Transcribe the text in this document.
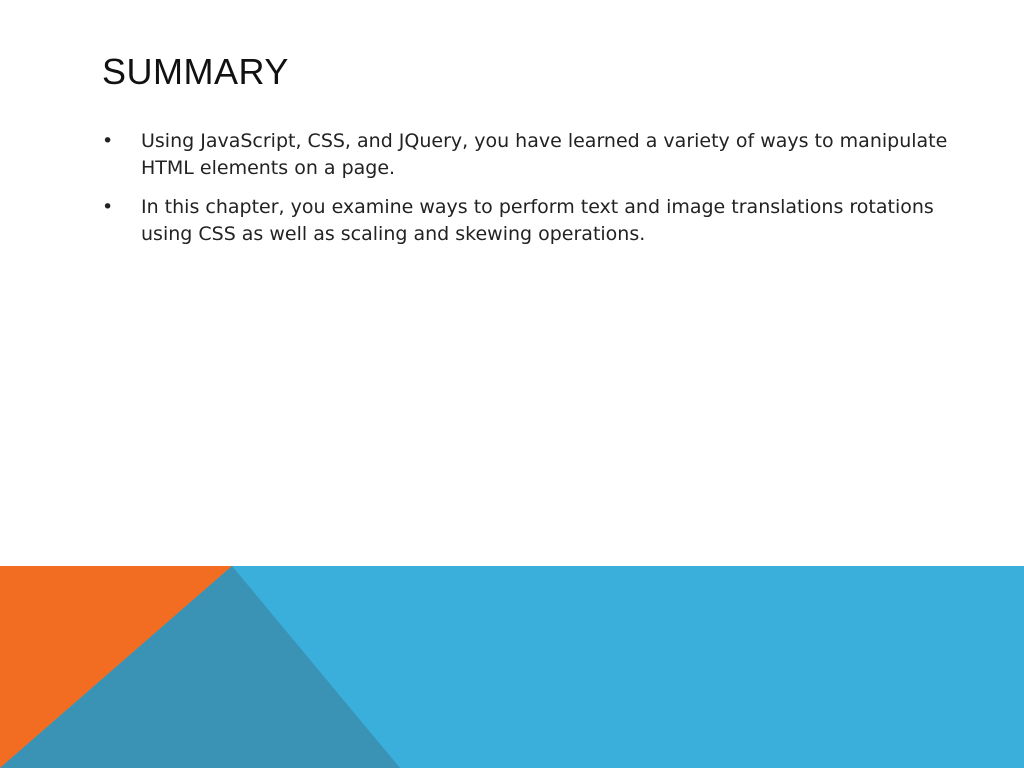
SUMMARY
• Using JavaScript, CSS, and JQuery, you have learned a variety of ways to manipulate HTML elements on a page.
• In this chapter, you examine ways to perform text and image translations rotations using CSS as well as scaling and skewing operations.
